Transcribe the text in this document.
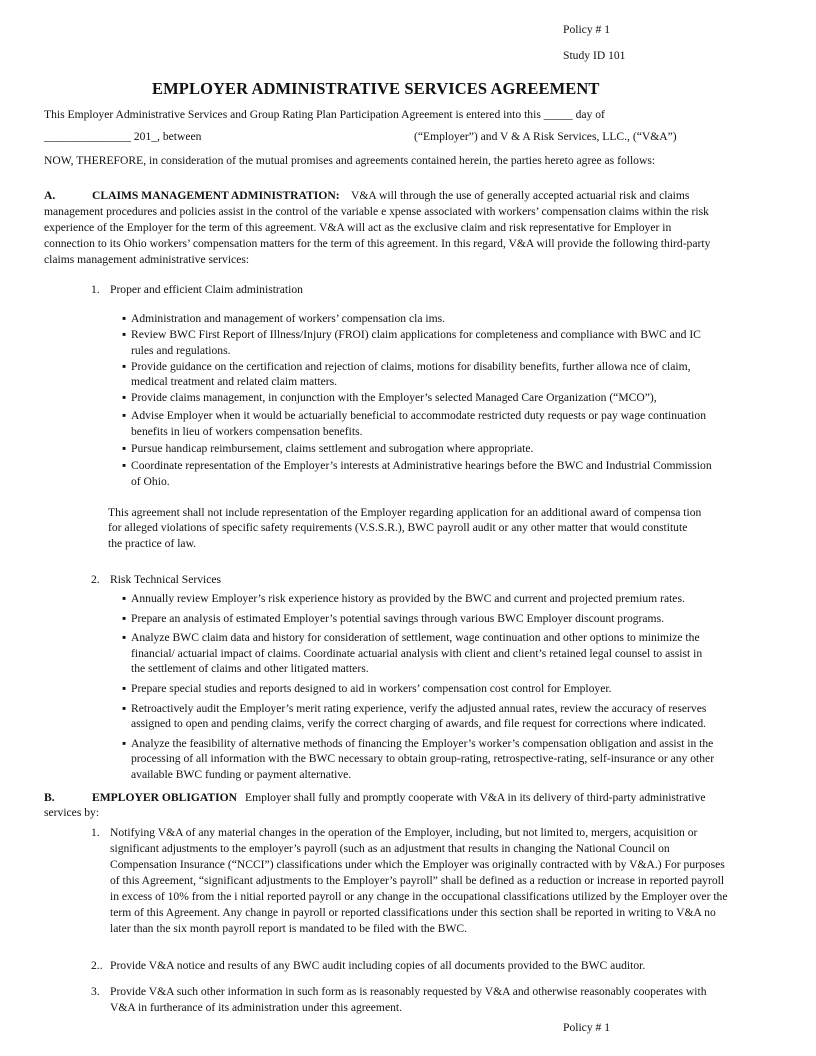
Policy # 1
Study ID 101
EMPLOYER ADMINISTRATIVE SERVICES AGREEMENT
This Employer Administrative Services and Group Rating Plan Participation Agreement is entered into this _____ day of
_______________ 201_, between	(“Employer”) and V & A Risk Services, LLC., (“V&A”)
NOW, THEREFORE, in consideration of the mutual promises and agreements contained herein, the parties hereto agree as follows:
A.	CLAIMS MANAGEMENT ADMINISTRATION: V&A will through the use of generally accepted actuarial risk and claims
management procedures and policies assist in the control of the variable e xpense associated with workers’ compensation claims within the risk
experience of the Employer for the term of this agreement. V&A will act as the exclusive claim and risk representative for Employer in
connection to its Ohio workers’ compensation matters for the term of this agreement. In this regard, V&A will provide the following third-party
claims management administrative services:
1. Proper and efficient Claim administration
▪ Administration and management of workers’ compensation cla ims.
▪ Review BWC First Report of Illness/Injury (FROI) claim applications for completeness and compliance with BWC and IC
rules and regulations.
▪ Provide guidance on the certification and rejection of claims, motions for disability benefits, further allowa nce of claim,
medical treatment and related claim matters.
▪ Provide claims management, in conjunction with the Employer’s selected Managed Care Organization (“MCO”),
▪ Advise Employer when it would be actuarially beneficial to accommodate restricted duty requests or pay wage continuation
benefits in lieu of workers compensation benefits.
▪ Pursue handicap reimbursement, claims settlement and subrogation where appropriate.
▪ Coordinate representation of the Employer’s interests at Administrative hearings before the BWC and Industrial Commission
of Ohio.
This agreement shall not include representation of the Employer regarding application for an additional award of compensa tion
for alleged violations of specific safety requirements (V.S.S.R.), BWC payroll audit or any other matter that would constitute
the practice of law.
2. Risk Technical Services
▪ Annually review Employer’s risk experience history as provided by the BWC and current and projected premium rates.
▪ Prepare an analysis of estimated Employer’s potential savings through various BWC Employer discount programs.
▪ Analyze BWC claim data and history for consideration of settlement, wage continuation and other options to minimize the
financial/ actuarial impact of claims. Coordinate actuarial analysis with client and client’s retained legal counsel to assist in
the settlement of claims and other litigated matters.
▪ Prepare special studies and reports designed to aid in workers’ compensation cost control for Employer.
▪ Retroactively audit the Employer’s merit rating experience, verify the adjusted annual rates, review the accuracy of reserves
assigned to open and pending claims, verify the correct charging of awards, and file request for corrections where indicated.
▪ Analyze the feasibility of alternative methods of financing the Employer’s worker’s compensation obligation and assist in the
processing of all information with the BWC necessary to obtain group-rating, retrospective-rating, self-insurance or any other
available BWC funding or payment alternative.
B.	EMPLOYER OBLIGATION Employer shall fully and promptly cooperate with V&A in its delivery of third-party administrative
services by:
1. Notifying V&A of any material changes in the operation of the Employer, including, but not limited to, mergers, acquisition or
significant adjustments to the employer’s payroll (such as an adjustment that results in changing the National Council on
Compensation Insurance (“NCCI”) classifications under which the Employer was originally contracted with by V&A.) For purposes
of this Agreement, “significant adjustments to the Employer’s payroll” shall be defined as a reduction or increase in reported payroll
in excess of 10% from the i nitial reported payroll or any change in the occupational classifications utilized by the Employer over the
term of this Agreement. Any change in payroll or reported classifications under this section shall be reported in writing to V&A no
later than the six month payroll report is mandated to be filed with the BWC.
2.. Provide V&A notice and results of any BWC audit including copies of all documents provided to the BWC auditor.
3. Provide V&A such other information in such form as is reasonably requested by V&A and otherwise reasonably cooperates with
V&A in furtherance of its administration under this agreement.
Policy # 1
